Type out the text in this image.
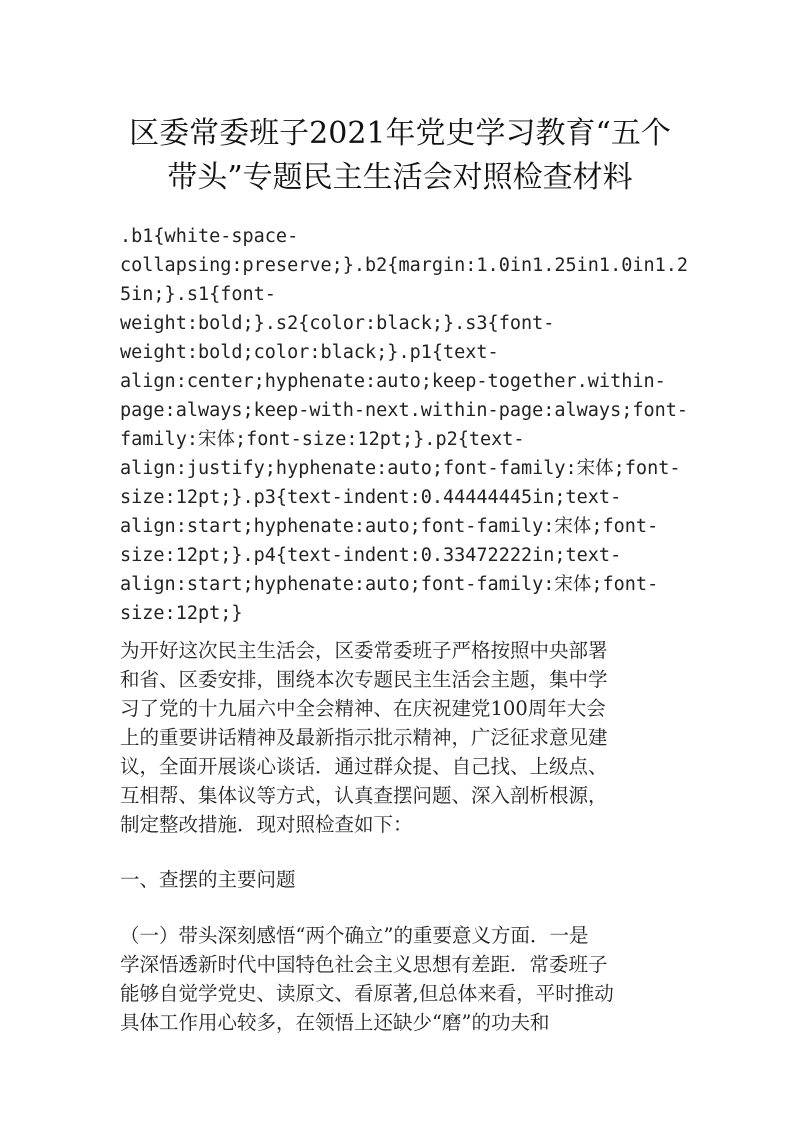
区委常委班子2021年党史学习教育“五个
带头”专题民主生活会对照检查材料
.b1{white-space-
collapsing:preserve;}.b2{margin:1.0in1.25in1.0in1.2
5in;}.s1{font-
weight:bold;}.s2{color:black;}.s3{font-
weight:bold;color:black;}.p1{text-
align:center;hyphenate:auto;keep-together.within-
page:always;keep-with-next.within-page:always;font-
family:宋体;font-size:12pt;}.p2{text-
align:justify;hyphenate:auto;font-family:宋体;font-
size:12pt;}.p3{text-indent:0.44444445in;text-
align:start;hyphenate:auto;font-family:宋体;font-
size:12pt;}.p4{text-indent:0.33472222in;text-
align:start;hyphenate:auto;font-family:宋体;font-
size:12pt;}
为开好这次民主生活会，区委常委班子严格按照中央部署
和省、区委安排，围绕本次专题民主生活会主题，集中学
习了党的十九届六中全会精神、在庆祝建党100周年大会
上的重要讲话精神及最新指示批示精神，广泛征求意见建
议，全面开展谈心谈话．通过群众提、自己找、上级点、
互相帮、集体议等方式，认真查摆问题、深入剖析根源，
制定整改措施．现对照检查如下：
一、查摆的主要问题
（一）带头深刻感悟“两个确立”的重要意义方面．一是
学深悟透新时代中国特色社会主义思想有差距．常委班子
能够自觉学党史、读原文、看原著,但总体来看，平时推动
具体工作用心较多，在领悟上还缺少“磨”的功夫和
